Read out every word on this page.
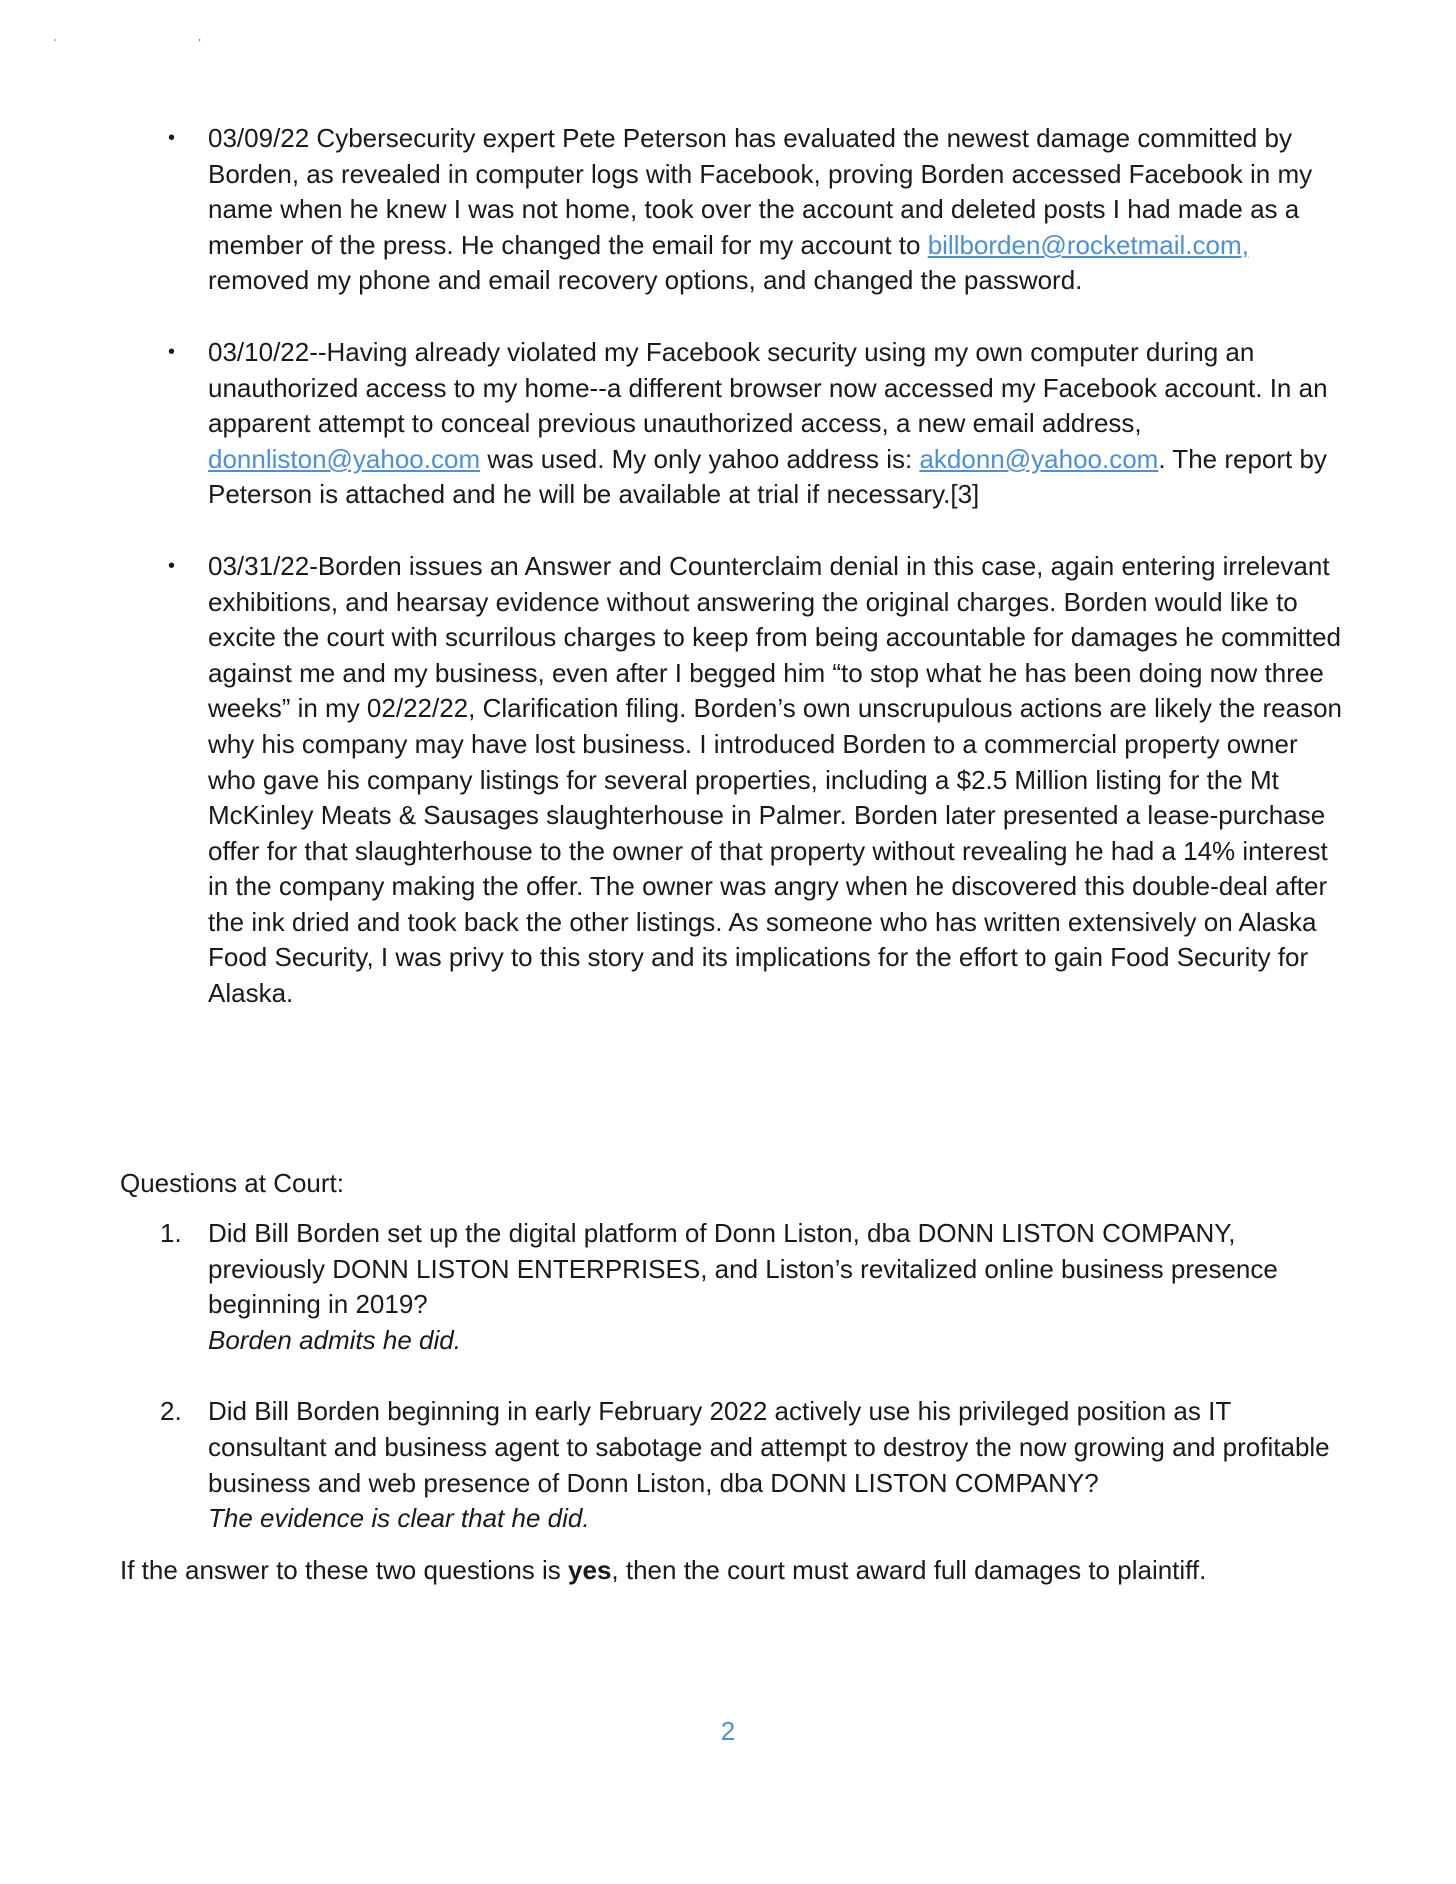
' '
•	03/09/22 Cybersecurity expert Pete Peterson has evaluated the newest damage committed by Borden, as revealed in computer logs with Facebook, proving Borden accessed Facebook in my name when he knew I was not home, took over the account and deleted posts I had made as a member of the press. He changed the email for my account to billborden@rocketmail.com, removed my phone and email recovery options, and changed the password.
•	03/10/22--Having already violated my Facebook security using my own computer during an unauthorized access to my home--a different browser now accessed my Facebook account. In an apparent attempt to conceal previous unauthorized access, a new email address, donnliston@yahoo.com was used. My only yahoo address is: akdonn@yahoo.com. The report by Peterson is attached and he will be available at trial if necessary.[3]
•	03/31/22-Borden issues an Answer and Counterclaim denial in this case, again entering irrelevant exhibitions, and hearsay evidence without answering the original charges. Borden would like to excite the court with scurrilous charges to keep from being accountable for damages he committed against me and my business, even after I begged him “to stop what he has been doing now three weeks” in my 02/22/22, Clarification filing. Borden’s own unscrupulous actions are likely the reason why his company may have lost business. I introduced Borden to a commercial property owner who gave his company listings for several properties, including a $2.5 Million listing for the Mt McKinley Meats & Sausages slaughterhouse in Palmer. Borden later presented a lease-purchase offer for that slaughterhouse to the owner of that property without revealing he had a 14% interest in the company making the offer. The owner was angry when he discovered this double-deal after the ink dried and took back the other listings. As someone who has written extensively on Alaska Food Security, I was privy to this story and its implications for the effort to gain Food Security for Alaska.
Questions at Court:
1. Did Bill Borden set up the digital platform of Donn Liston, dba DONN LISTON COMPANY, previously DONN LISTON ENTERPRISES, and Liston’s revitalized online business presence beginning in 2019?
Borden admits he did.
2. Did Bill Borden beginning in early February 2022 actively use his privileged position as IT consultant and business agent to sabotage and attempt to destroy the now growing and profitable business and web presence of Donn Liston, dba DONN LISTON COMPANY?
The evidence is clear that he did.
If the answer to these two questions is yes, then the court must award full damages to plaintiff.
2
